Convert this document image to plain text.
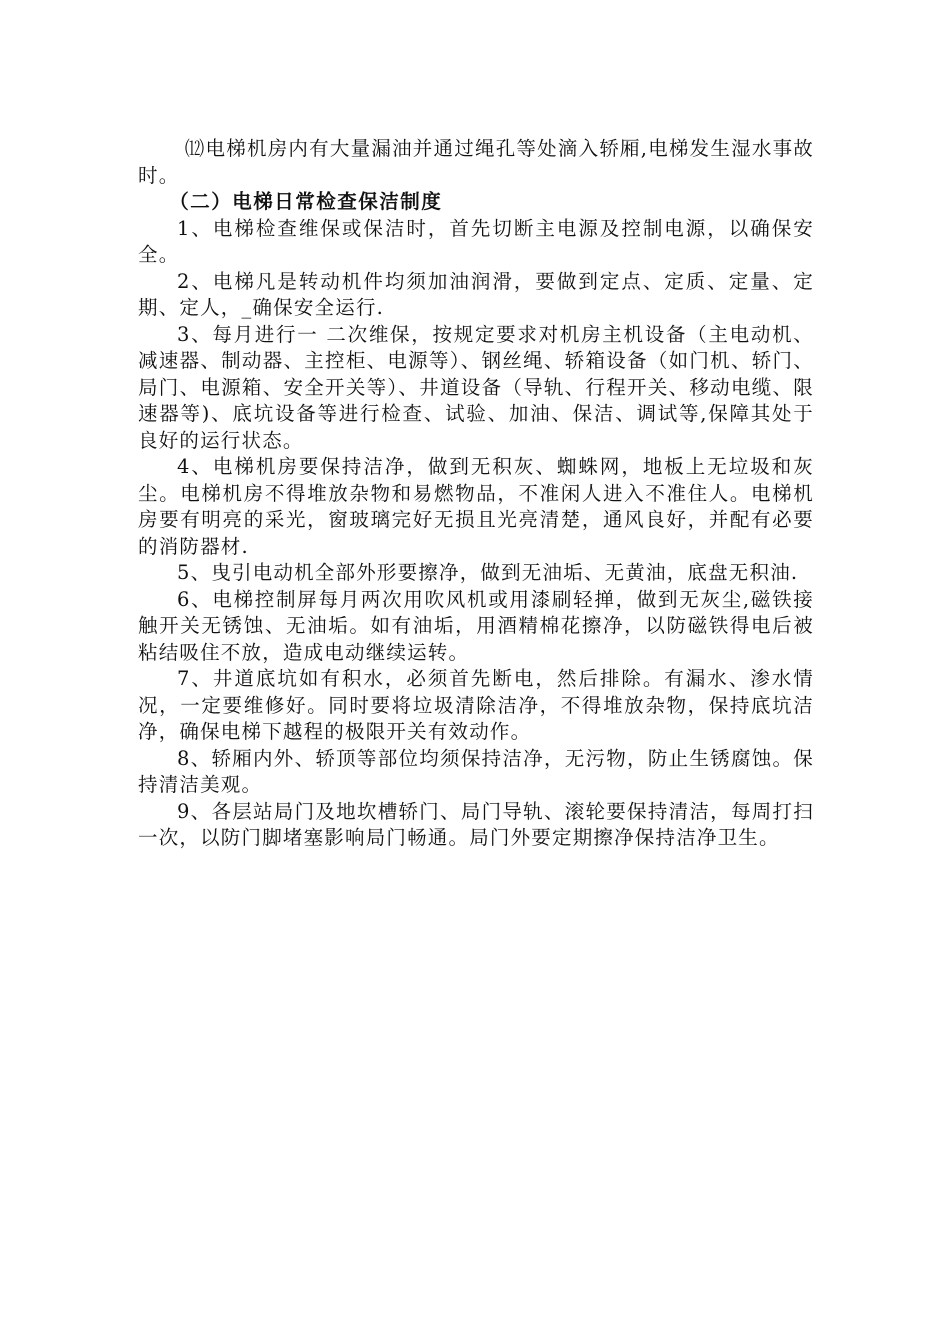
⑿电梯机房内有大量漏油并通过绳孔等处滴入轿厢,电梯发生湿水事故时。

（二）电梯日常检查保洁制度

1、电梯检查维保或保洁时，首先切断主电源及控制电源，以确保安全。

2、电梯凡是转动机件均须加油润滑，要做到定点、定质、定量、定期、定人，_确保安全运行.

3、每月进行一 二次维保，按规定要求对机房主机设备（主电动机、减速器、制动器、主控柜、电源等）、钢丝绳、轿箱设备（如门机、轿门、局门、电源箱、安全开关等）、井道设备（导轨、行程开关、移动电缆、限速器等)、底坑设备等进行检查、试验、加油、保洁、调试等,保障其处于良好的运行状态。

4、电梯机房要保持洁净，做到无积灰、蜘蛛网，地板上无垃圾和灰尘。电梯机房不得堆放杂物和易燃物品，不准闲人进入不准住人。电梯机房要有明亮的采光，窗玻璃完好无损且光亮清楚，通风良好，并配有必要的消防器材.

5、曳引电动机全部外形要擦净，做到无油垢、无黄油，底盘无积油.

6、电梯控制屏每月两次用吹风机或用漆刷轻掸，做到无灰尘,磁铁接触开关无锈蚀、无油垢。如有油垢，用酒精棉花擦净，以防磁铁得电后被粘结吸住不放，造成电动继续运转。

7、井道底坑如有积水，必须首先断电，然后排除。有漏水、渗水情况，一定要维修好。同时要将垃圾清除洁净，不得堆放杂物，保持底坑洁净，确保电梯下越程的极限开关有效动作。

8、轿厢内外、轿顶等部位均须保持洁净，无污物，防止生锈腐蚀。保持清洁美观。

9、各层站局门及地坎槽轿门、局门导轨、滚轮要保持清洁，每周打扫一次，以防门脚堵塞影响局门畅通。局门外要定期擦净保持洁净卫生。
